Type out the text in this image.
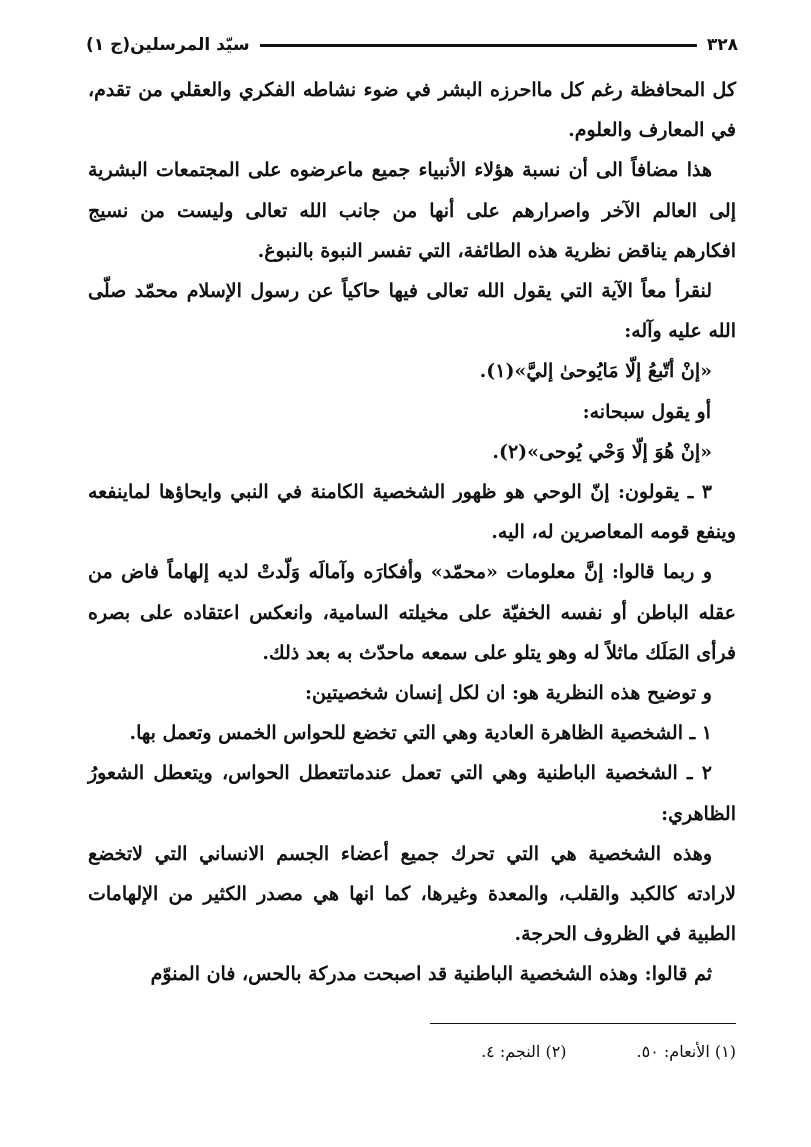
٣٢٨
سيّد المرسلين(ج ١)

كل المحافظة رغم كل مااحرزه البشر في ضوء نشاطه الفكري والعقلي من تقدم، في المعارف والعلوم.

هذا مضافاً الى أن نسبة هؤلاء الأنبياء جميع ماعرضوه على المجتمعات البشرية إلى العالم الآخر واصرارهم على أنها من جانب الله تعالى وليست من نسيج افكارهم يناقض نظرية هذه الطائفة، التي تفسر النبوة بالنبوغ.

لنقرأ معاً الآية التي يقول الله تعالى فيها حاكياً عن رسول الإسلام محمّد صلّى الله عليه وآله:

«إنْ أتّبعُ إلّا مَايُوحىٰ إليَّ»(١).

أو يقول سبحانه:

«إنْ هُوَ إلّا وَحْي يُوحى»(٢).

٣ ـ يقولون: إنّ الوحي هو ظهور الشخصية الكامنة في النبي وايحاؤها لماينفعه وينفع قومه المعاصرين له، اليه.

و ربما قالوا: إنَّ معلومات «محمّد» وأفكارَه وآمالَه وَلّدتْ لديه إلهاماً فاض من عقله الباطن أو نفسه الخفيّة على مخيلته السامية، وانعكس اعتقاده على بصره فرأى المَلَك ماثلاً له وهو يتلو على سمعه ماحدّث به بعد ذلك.

و توضيح هذه النظرية هو: ان لكل إنسان شخصيتين:

١ ـ الشخصية الظاهرة العادية وهي التي تخضع للحواس الخمس وتعمل بها.

٢ ـ الشخصية الباطنية وهي التي تعمل عندماتتعطل الحواس، ويتعطل الشعورُ الظاهري:

وهذه الشخصية هي التي تحرك جميع أعضاء الجسم الانساني التي لاتخضع لارادته كالكبد والقلب، والمعدة وغيرها، كما انها هي مصدر الكثير من الإلهامات الطبية في الظروف الحرجة.

ثم قالوا: وهذه الشخصية الباطنية قد اصبحت مدركة بالحس، فان المنوّم

(١) الأنعام: ٥٠.
(٢) النجم: ٤.
